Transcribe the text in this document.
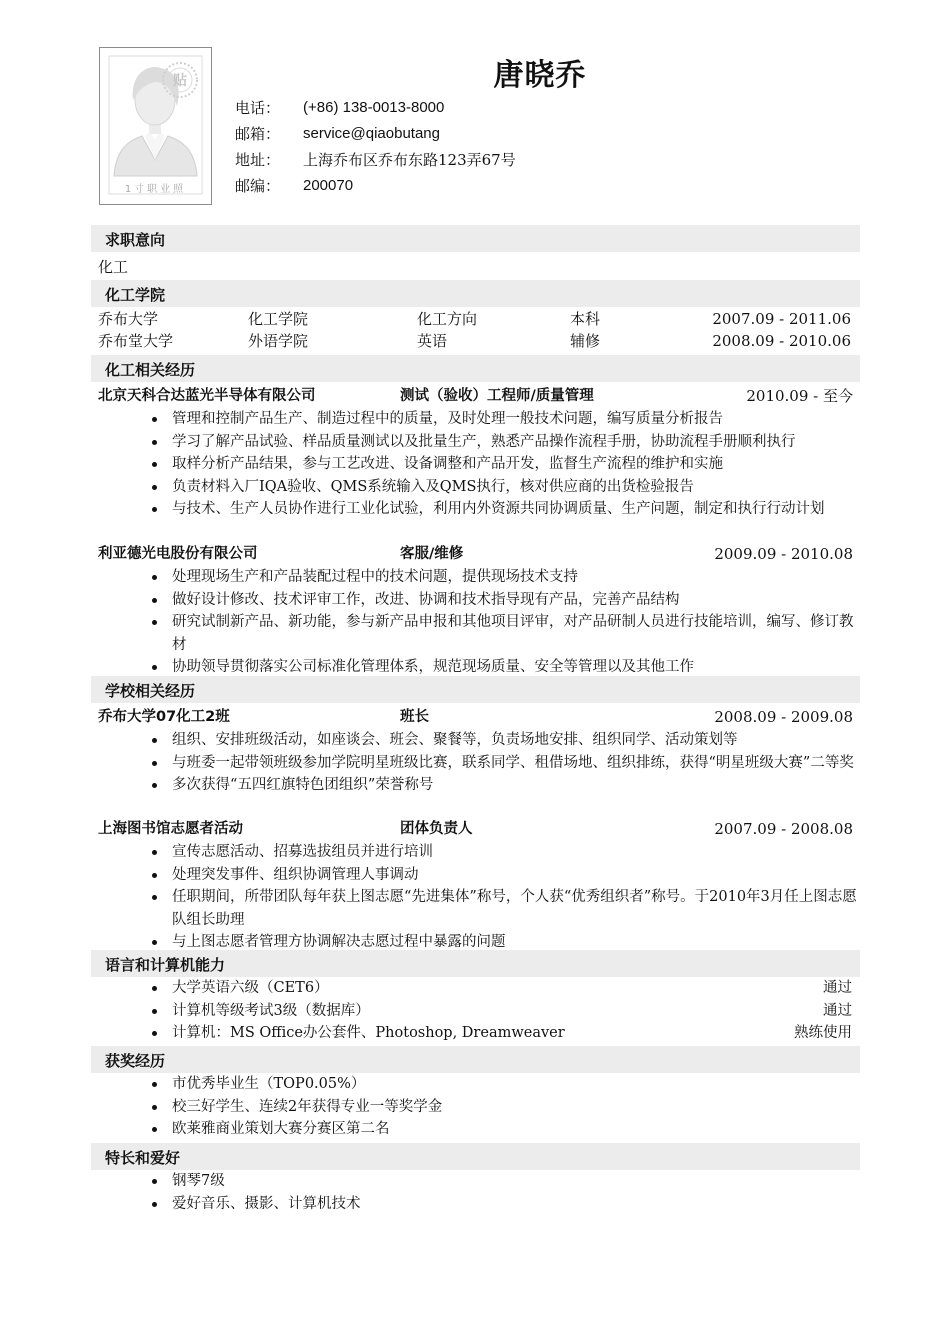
贴
1寸职业照
唐晓乔
电话：	(+86) 138-0013-8000
邮箱：	service@qiaobutang
地址：	上海乔布区乔布东路123弄67号
邮编：	200070
求职意向
化工
化工学院
乔布大学	化工学院	化工方向	本科	2007.09 - 2011.06
乔布堂大学	外语学院	英语	辅修	2008.09 - 2010.06
化工相关经历
北京天科合达蓝光半导体有限公司	测试（验收）工程师/质量管理	2010.09 - 至今
管理和控制产品生产、制造过程中的质量，及时处理一般技术问题，编写质量分析报告
学习了解产品试验、样品质量测试以及批量生产，熟悉产品操作流程手册，协助流程手册顺利执行
取样分析产品结果，参与工艺改进、设备调整和产品开发，监督生产流程的维护和实施
负责材料入厂IQA验收、QMS系统输入及QMS执行，核对供应商的出货检验报告
与技术、生产人员协作进行工业化试验，利用内外资源共同协调质量、生产问题，制定和执行行动计划
利亚德光电股份有限公司	客服/维修	2009.09 - 2010.08
处理现场生产和产品装配过程中的技术问题，提供现场技术支持
做好设计修改、技术评审工作，改进、协调和技术指导现有产品，完善产品结构
研究试制新产品、新功能，参与新产品申报和其他项目评审，对产品研制人员进行技能培训，编写、修订教材
协助领导贯彻落实公司标准化管理体系，规范现场质量、安全等管理以及其他工作
学校相关经历
乔布大学07化工2班	班长	2008.09 - 2009.08
组织、安排班级活动，如座谈会、班会、聚餐等，负责场地安排、组织同学、活动策划等
与班委一起带领班级参加学院明星班级比赛，联系同学、租借场地、组织排练，获得“明星班级大赛”二等奖
多次获得“五四红旗特色团组织”荣誉称号
上海图书馆志愿者活动	团体负责人	2007.09 - 2008.08
宣传志愿活动、招募选拔组员并进行培训
处理突发事件、组织协调管理人事调动
任职期间，所带团队每年获上图志愿“先进集体”称号，个人获“优秀组织者”称号。于2010年3月任上图志愿队组长助理
与上图志愿者管理方协调解决志愿过程中暴露的问题
语言和计算机能力
大学英语六级（CET6）	通过
计算机等级考试3级（数据库）	通过
计算机：MS Office办公套件、Photoshop, Dreamweaver	熟练使用
获奖经历
市优秀毕业生（TOP0.05%）
校三好学生、连续2年获得专业一等奖学金
欧莱雅商业策划大赛分赛区第二名
特长和爱好
钢琴7级
爱好音乐、摄影、计算机技术
